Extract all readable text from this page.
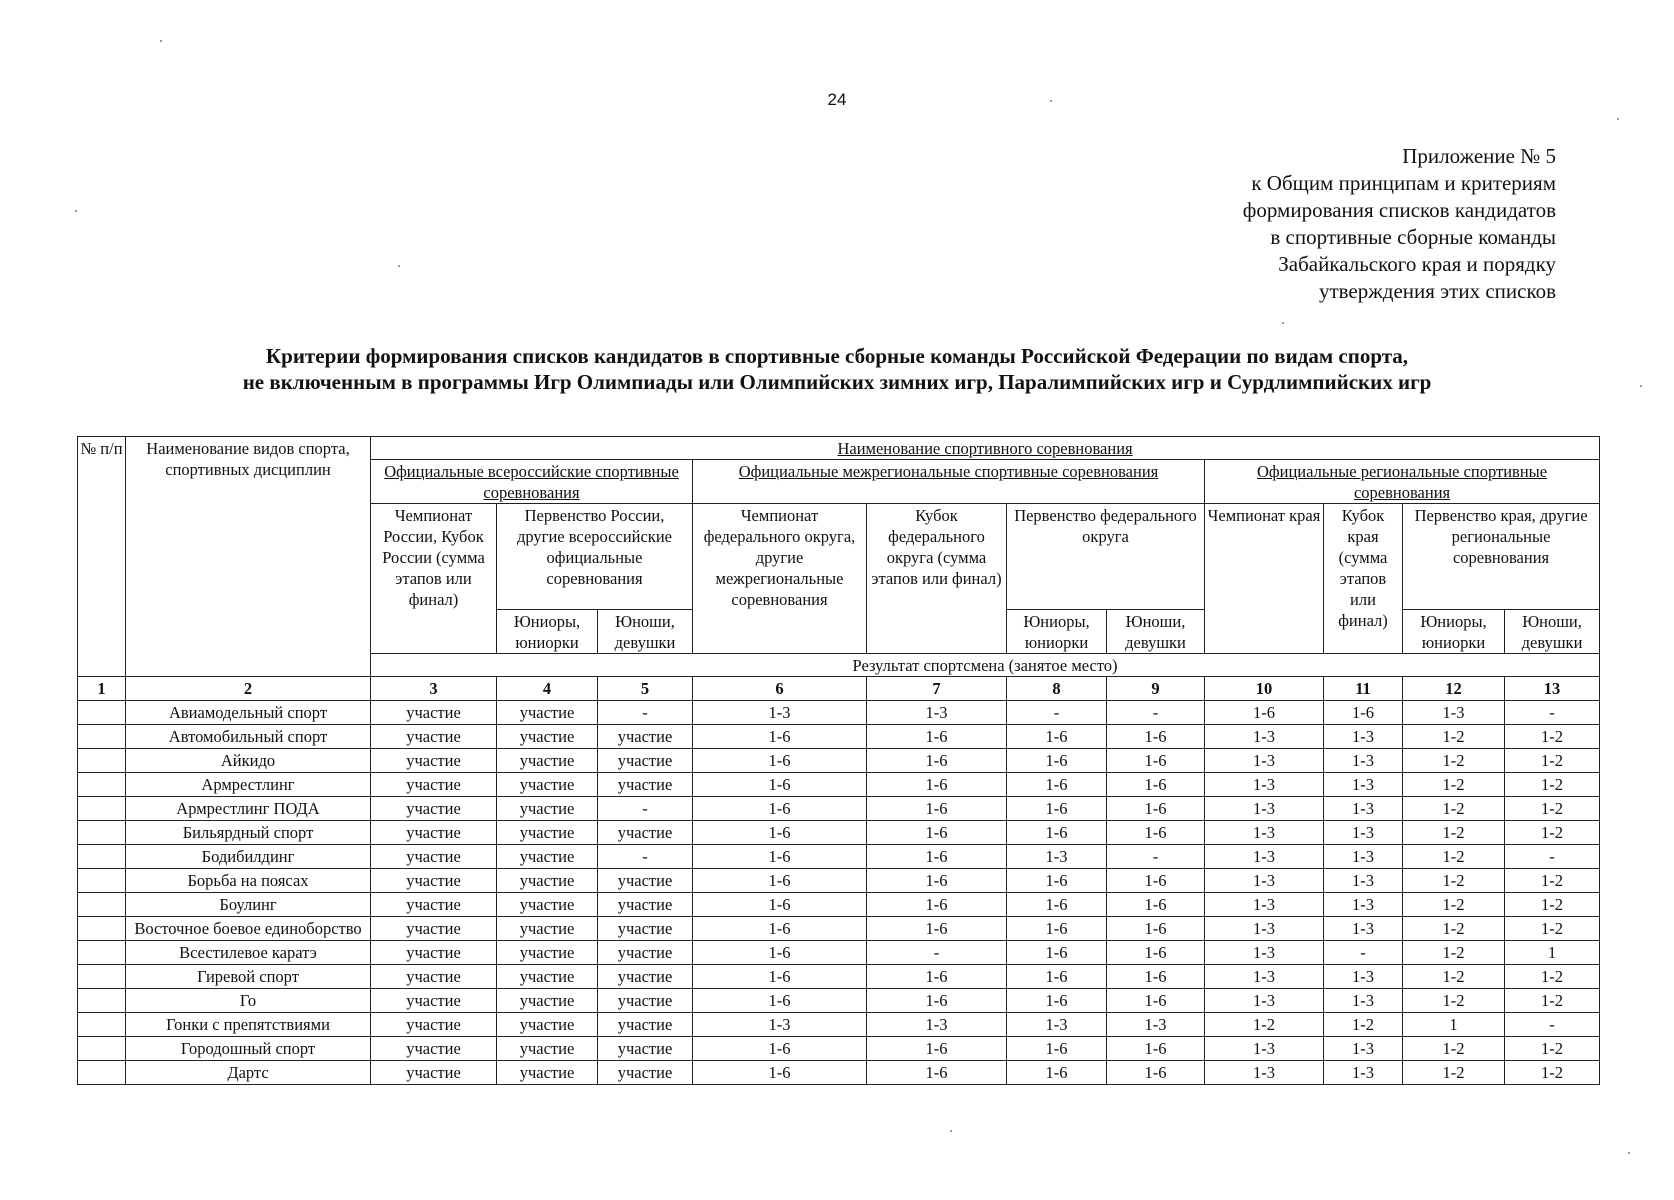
24
Приложение № 5
к Общим принципам и критериям
формирования списков кандидатов
в спортивные сборные команды
Забайкальского края и порядку
утверждения этих списков
Критерии формирования списков кандидатов в спортивные сборные команды Российской Федерации по видам спорта,
не включенным в программы Игр Олимпиады или Олимпийских зимних игр, Паралимпийских игр и Сурдлимпийских игр
№ п/п	Наименование видов спорта, спортивных дисциплин	Наименование спортивного соревнования										
		Официальные всероссийские спортивные соревнования			Официальные межрегиональные спортивные соревнования				Официальные региональные спортивные соревнования			
		Чемпионат России, Кубок России (сумма этапов или финал)	Первенство России, другие всероссийские официальные соревнования		Чемпионат федерального округа, другие межрегиональные соревнования	Кубок федерального округа (сумма этапов или финал)	Первенство федерального округа		Чемпионат края	Кубок края (сумма этапов или финал)	Первенство края, другие региональные соревнования	
			Юниоры, юниорки	Юноши, девушки			Юниоры, юниорки	Юноши, девушки			Юниоры, юниорки	Юноши, девушки
		Результат спортсмена (занятое место)										
1	2	3	4	5	6	7	8	9	10	11	12	13
	Авиамодельный спорт	участие	участие	-	1-3	1-3	-	-	1-6	1-6	1-3	-
	Автомобильный спорт	участие	участие	участие	1-6	1-6	1-6	1-6	1-3	1-3	1-2	1-2
	Айкидо	участие	участие	участие	1-6	1-6	1-6	1-6	1-3	1-3	1-2	1-2
	Армрестлинг	участие	участие	участие	1-6	1-6	1-6	1-6	1-3	1-3	1-2	1-2
	Армрестлинг ПОДА	участие	участие	-	1-6	1-6	1-6	1-6	1-3	1-3	1-2	1-2
	Бильярдный спорт	участие	участие	участие	1-6	1-6	1-6	1-6	1-3	1-3	1-2	1-2
	Бодибилдинг	участие	участие	-	1-6	1-6	1-3	-	1-3	1-3	1-2	-
	Борьба на поясах	участие	участие	участие	1-6	1-6	1-6	1-6	1-3	1-3	1-2	1-2
	Боулинг	участие	участие	участие	1-6	1-6	1-6	1-6	1-3	1-3	1-2	1-2
	Восточное боевое единоборство	участие	участие	участие	1-6	1-6	1-6	1-6	1-3	1-3	1-2	1-2
	Всестилевое каратэ	участие	участие	участие	1-6	-	1-6	1-6	1-3	-	1-2	1
	Гиревой спорт	участие	участие	участие	1-6	1-6	1-6	1-6	1-3	1-3	1-2	1-2
	Го	участие	участие	участие	1-6	1-6	1-6	1-6	1-3	1-3	1-2	1-2
	Гонки с препятствиями	участие	участие	участие	1-3	1-3	1-3	1-3	1-2	1-2	1	-
	Городошный спорт	участие	участие	участие	1-6	1-6	1-6	1-6	1-3	1-3	1-2	1-2
	Дартс	участие	участие	участие	1-6	1-6	1-6	1-6	1-3	1-3	1-2	1-2
